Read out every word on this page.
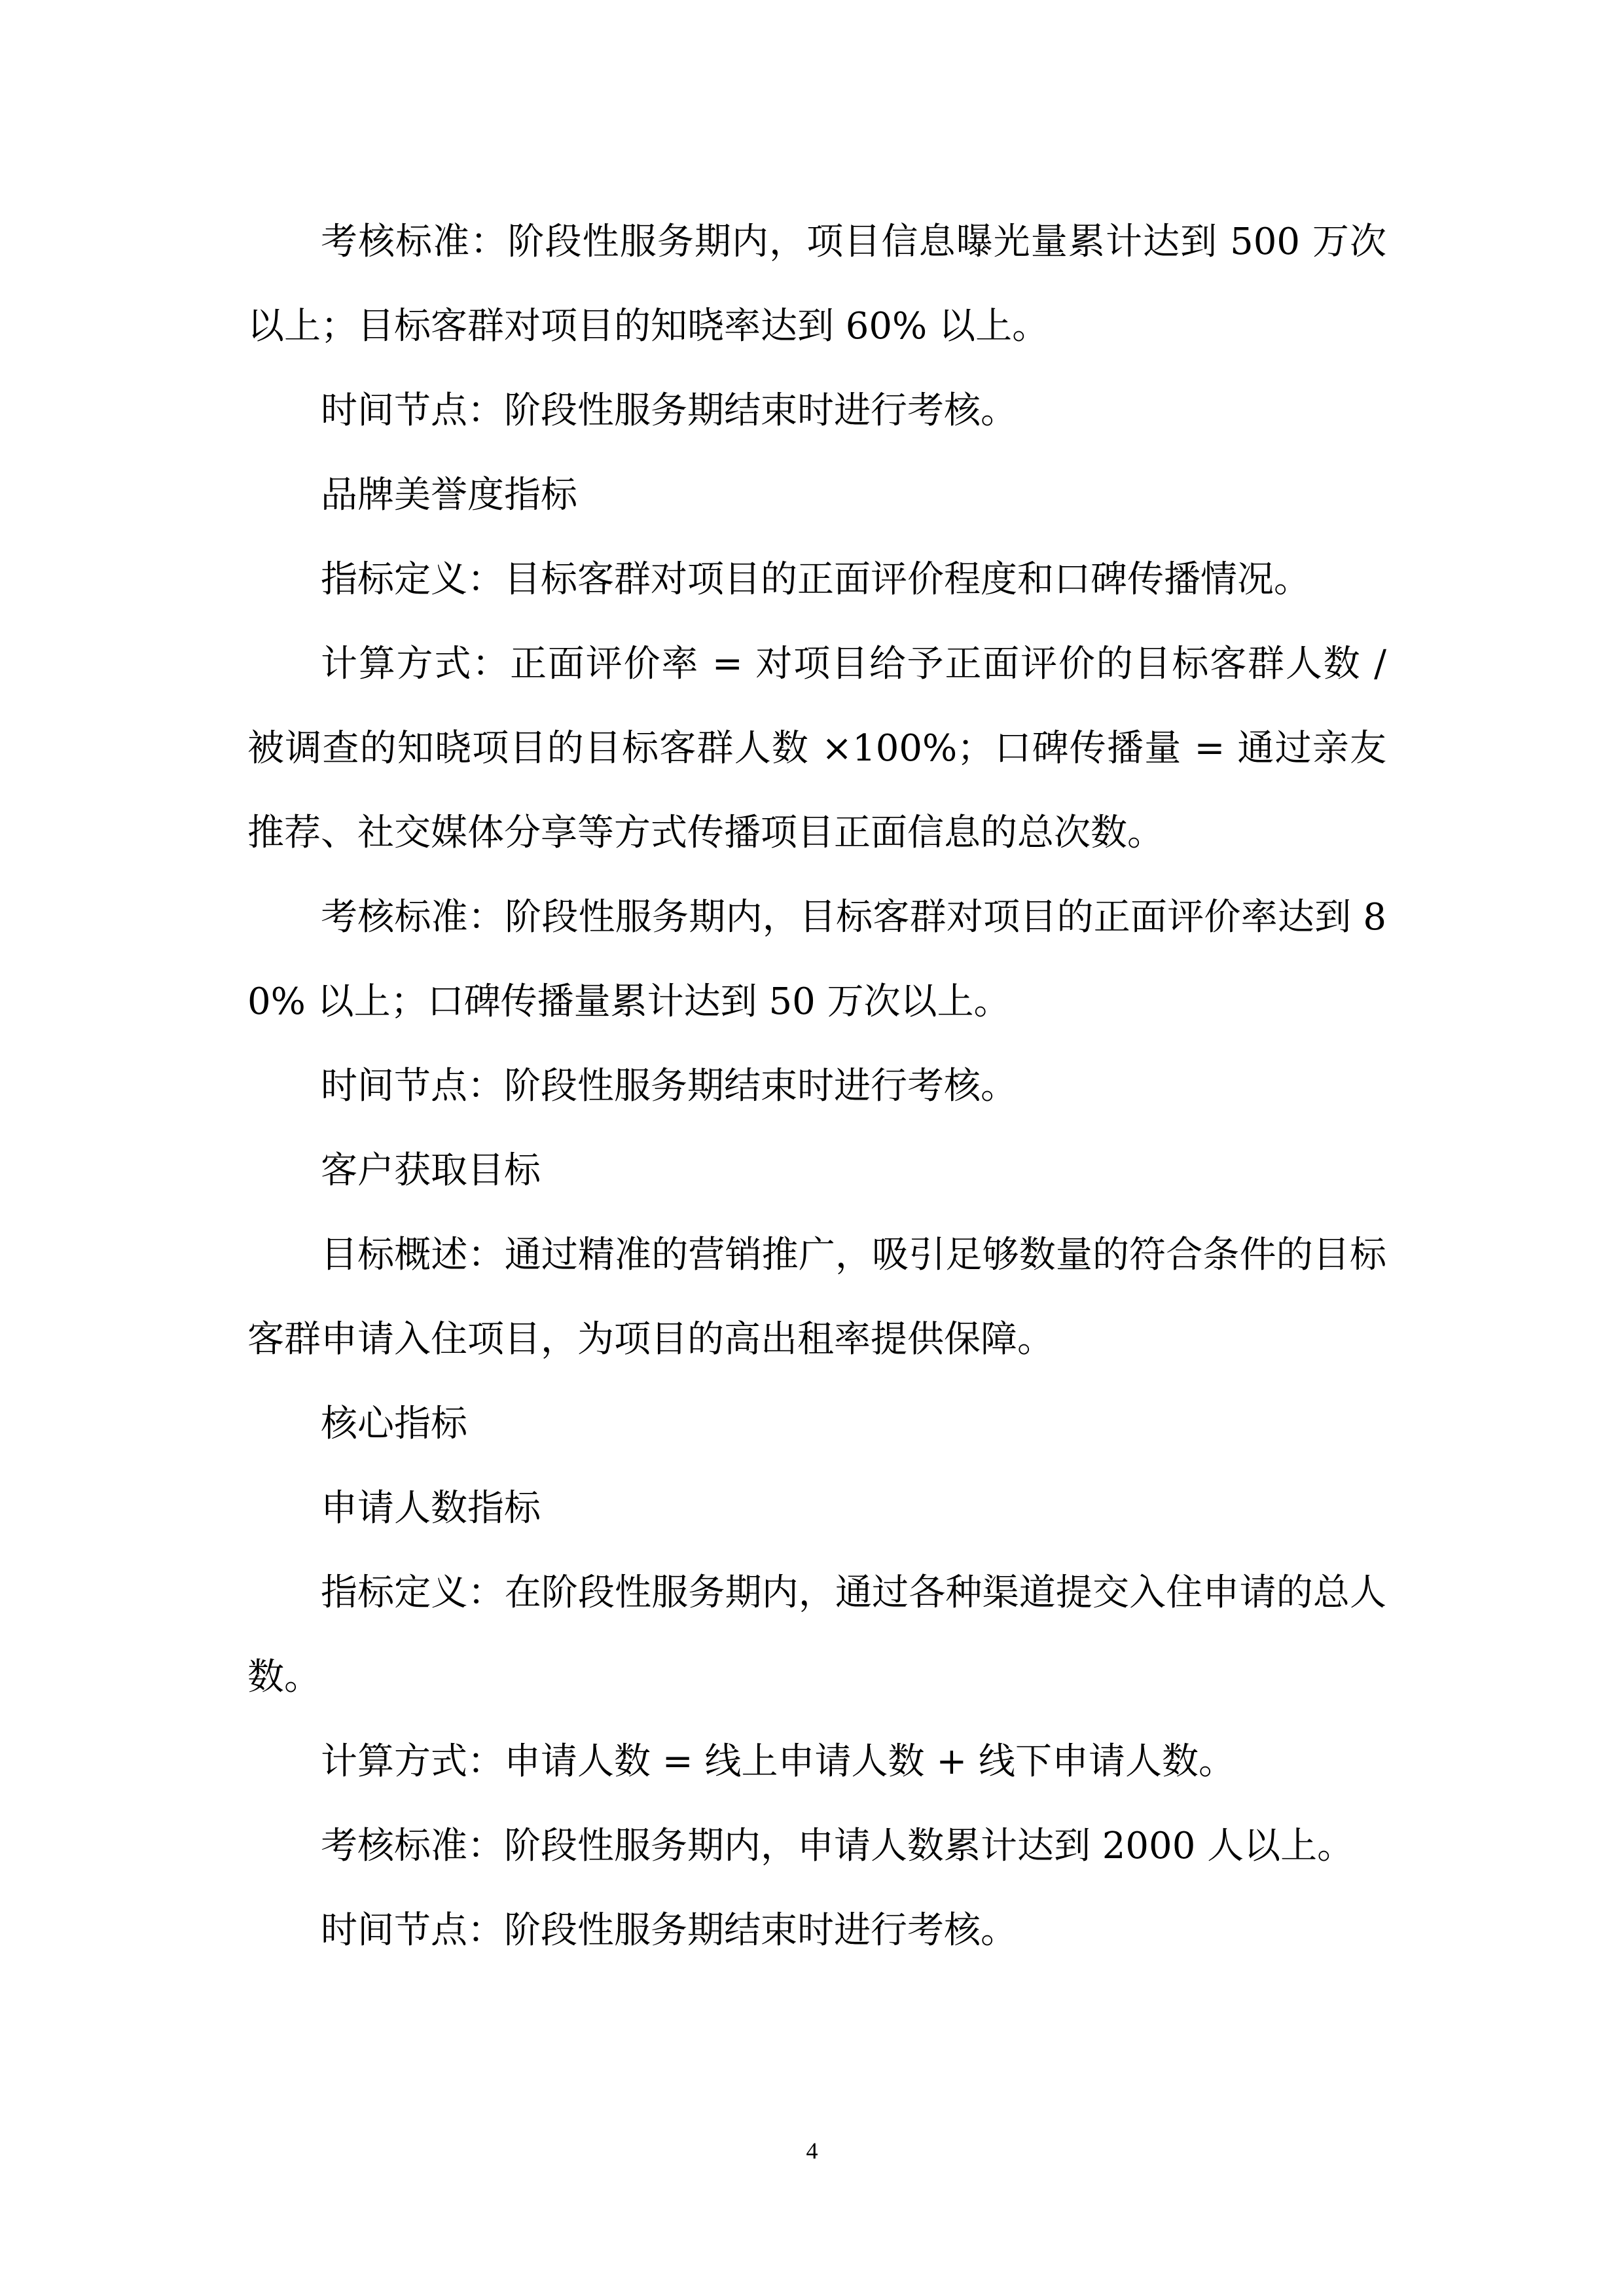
考核标准：阶段性服务期内，项目信息曝光量累计达到 500 万次以上；目标客群对项目的知晓率达到 60% 以上。

时间节点：阶段性服务期结束时进行考核。

品牌美誉度指标

指标定义：目标客群对项目的正面评价程度和口碑传播情况。

计算方式：正面评价率 = 对项目给予正面评价的目标客群人数 / 被调查的知晓项目的目标客群人数 ×100%；口碑传播量 = 通过亲友推荐、社交媒体分享等方式传播项目正面信息的总次数。

考核标准：阶段性服务期内，目标客群对项目的正面评价率达到 80% 以上；口碑传播量累计达到 50 万次以上。

时间节点：阶段性服务期结束时进行考核。

客户获取目标

目标概述：通过精准的营销推广，吸引足够数量的符合条件的目标客群申请入住项目，为项目的高出租率提供保障。

核心指标

申请人数指标

指标定义：在阶段性服务期内，通过各种渠道提交入住申请的总人数。

计算方式：申请人数 = 线上申请人数 + 线下申请人数。

考核标准：阶段性服务期内，申请人数累计达到 2000 人以上。

时间节点：阶段性服务期结束时进行考核。

4
